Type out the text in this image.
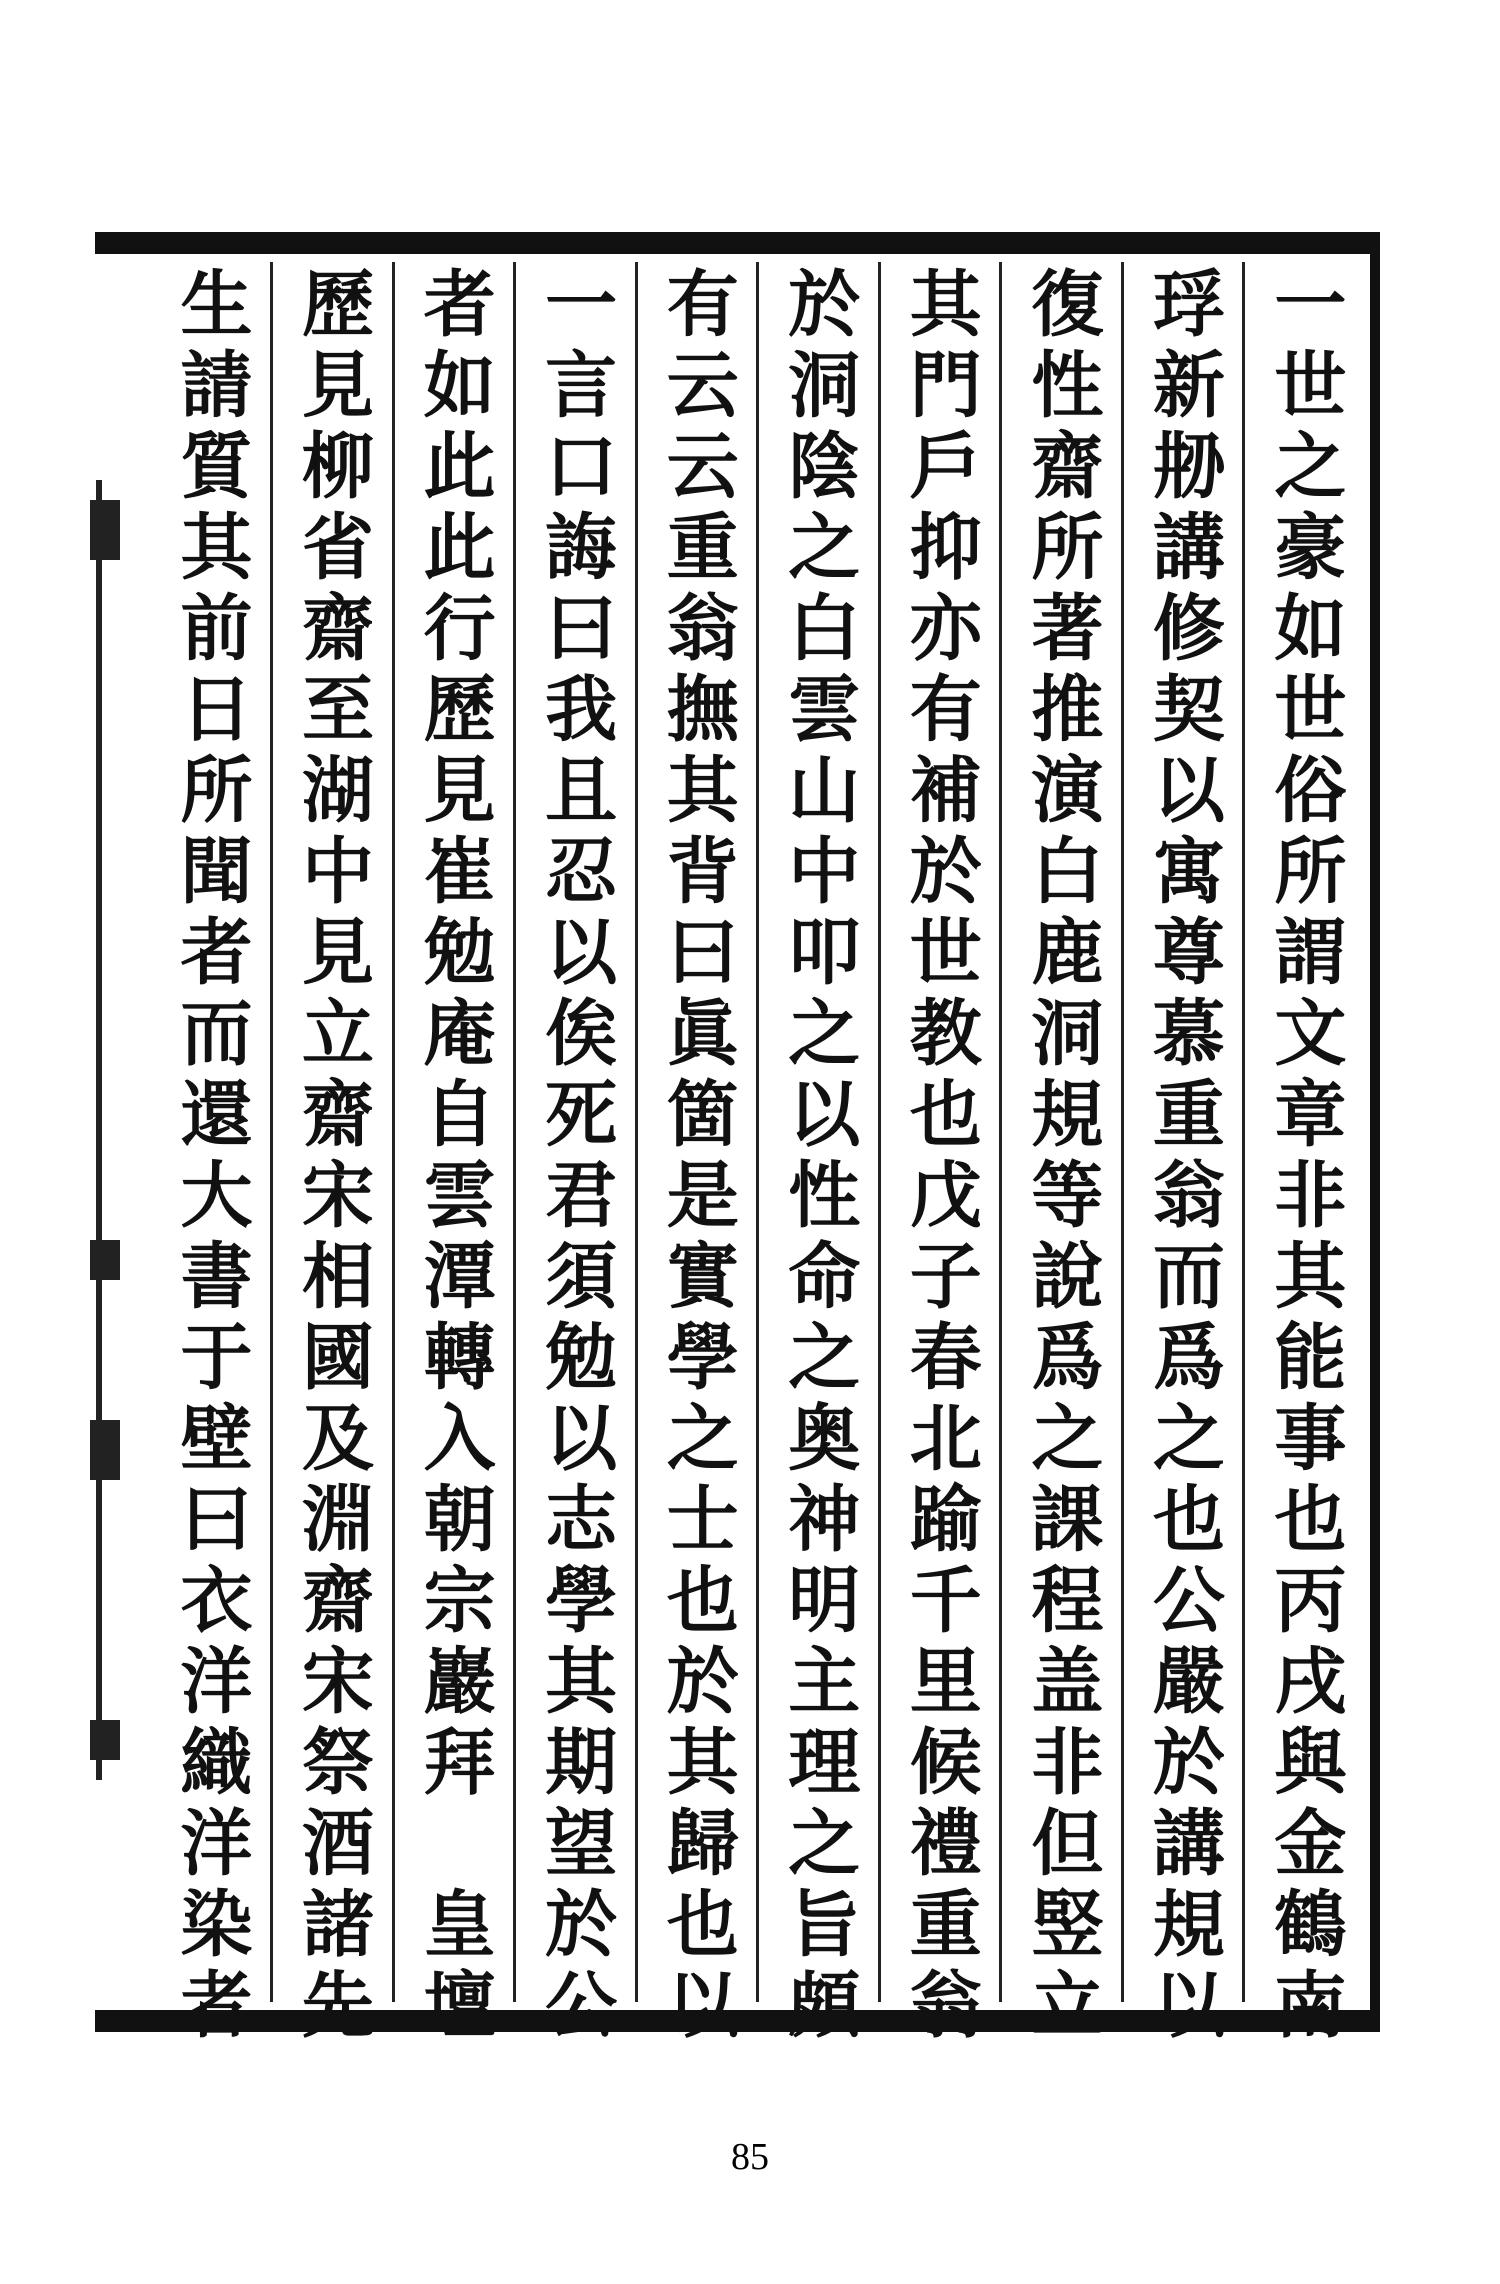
一世之豪如世俗所謂文章非其能事也丙戌與金鶴南
琈新刱講修契以寓尊慕重翁而爲之也公嚴於講規以
復性齋所著推演白鹿洞規等說爲之課程盖非但竪立
其門戶抑亦有補於世教也戊子春北踰千里候禮重翁
於洞陰之白雲山中叩之以性命之奥神明主理之旨頗
有云云重翁撫其背曰眞箇是實學之士也於其歸也以
一言口誨曰我且忍以俟死君須勉以志學其期望於公
者如此此行歷見崔勉庵自雲潭轉入朝宗巖拜　皇壇
歷見柳省齋至湖中見立齋宋相國及淵齋宋祭酒諸先
生請質其前日所聞者而還大書于壁曰衣洋織洋染者
85
